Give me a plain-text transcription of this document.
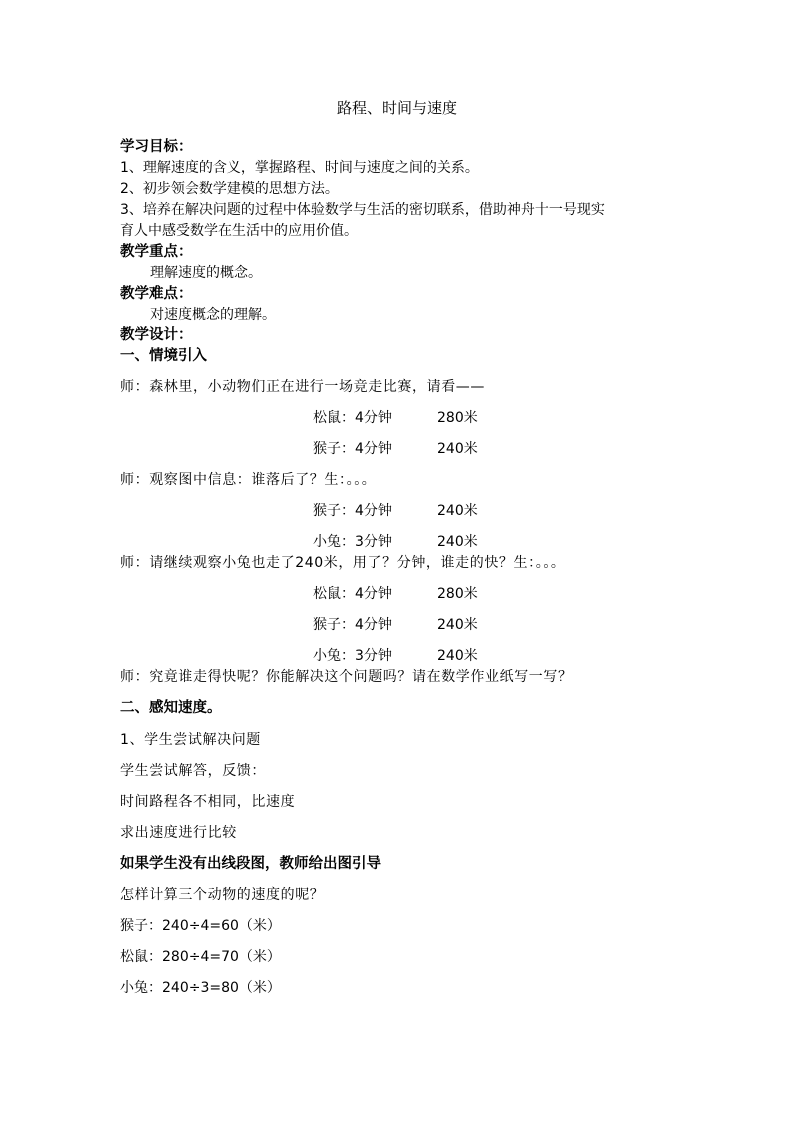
路程、时间与速度
学习目标：
1、理解速度的含义，掌握路程、时间与速度之间的关系。
2、初步领会数学建模的思想方法。
3、培养在解决问题的过程中体验数学与生活的密切联系，借助神舟十一号现实
育人中感受数学在生活中的应用价值。
教学重点：
理解速度的概念。
教学难点：
对速度概念的理解。
教学设计：
一、情境引入
师：森林里，小动物们正在进行一场竞走比赛，请看——
松鼠：4分钟	280米
猴子：4分钟	240米
师：观察图中信息：谁落后了？生：。。。
猴子：4分钟	240米
小兔：3分钟	240米
师：请继续观察小兔也走了240米，用了？分钟，谁走的快？生：。。。
松鼠：4分钟	280米
猴子：4分钟	240米
小兔：3分钟	240米
师：究竟谁走得快呢？你能解决这个问题吗？请在数学作业纸写一写？
二、感知速度。
1、学生尝试解决问题
学生尝试解答，反馈：
时间路程各不相同，比速度
求出速度进行比较
如果学生没有出线段图，教师给出图引导
怎样计算三个动物的速度的呢？
猴子：240÷4=60（米）
松鼠：280÷4=70（米）
小兔：240÷3=80（米）
